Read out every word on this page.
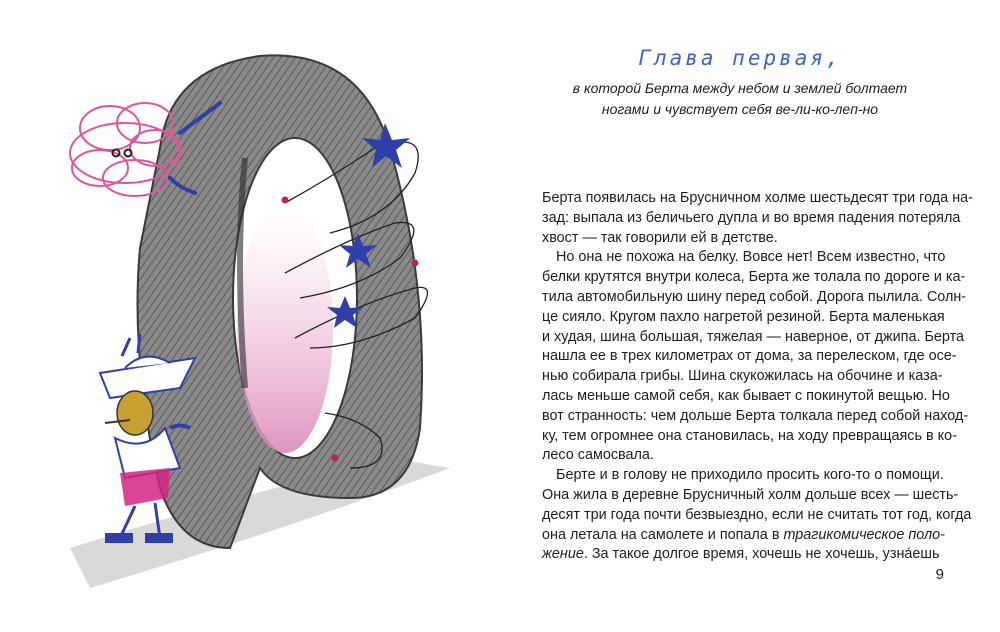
Глава первая,

в которой Берта между небом и землей болтает
ногами и чувствует себя ве-ли-ко-леп-но

Берта появилась на Брусничном холме шестьдесят три года на-
зад: выпала из беличьего дупла и во время падения потеряла
хвост — так говорили ей в детстве.
Но она не похожа на белку. Вовсе нет! Всем известно, что
белки крутятся внутри колеса, Берта же толала по дороге и ка-
тила автомобильную шину перед собой. Дорога пылила. Солн-
це сияло. Кругом пахло нагретой резиной. Берта маленькая
и худая, шина большая, тяжелая — наверное, от джипа. Берта
нашла ее в трех километрах от дома, за перелеском, где осе-
нью собирала грибы. Шина скукожилась на обочине и каза-
лась меньше самой себя, как бывает с покинутой вещью. Но
вот странность: чем дольше Берта толкала перед собой наход-
ку, тем огромнее она становилась, на ходу превращаясь в ко-
лесо самосвала.
Берте и в голову не приходило просить кого-то о помощи.
Она жила в деревне Брусничный холм дольше всех — шесть-
десят три года почти безвыездно, если не считать тот год, когда
она летала на самолете и попала в трагикомическое поло-
жение. За такое долгое время, хочешь не хочешь, узна́ешь
9
